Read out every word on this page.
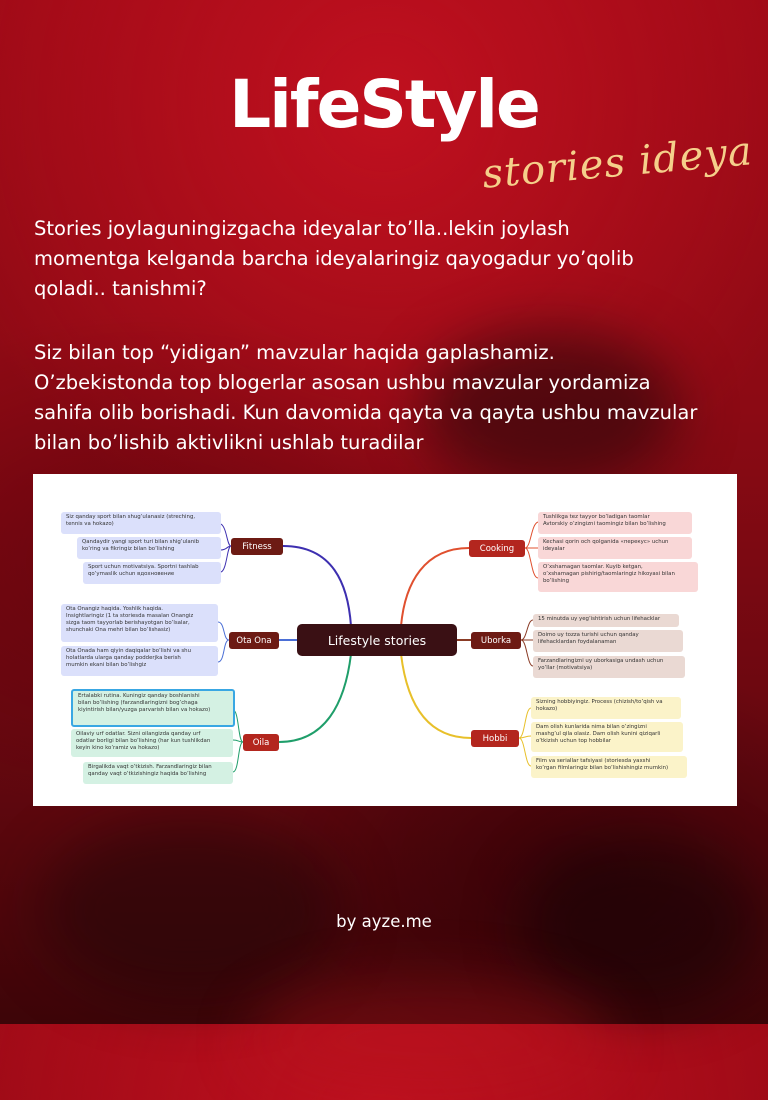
LifeStyle
stories ideya
Stories joylaguningizgacha ideyalar to’lla..lekin joylash
momentga kelganda barcha ideyalaringiz qayogadur yo’qolib
qoladi.. tanishmi?
Siz bilan top “yidigan” mavzular haqida gaplashamiz.
O’zbekistonda top blogerlar asosan ushbu mavzular yordamiza
sahifa olib borishadi. Kun davomida qayta va qayta ushbu mavzular
bilan bo’lishib aktivlikni ushlab turadilar
Lifestyle stories
Fitness
Ota Ona
Oila
Cooking
Uborka
Hobbi
Siz qanday sport bilan shug’ulanasiz (streching,
tennis va hokazo)
Qandaydir yangi sport turi bilan shig’ulanib
ko’ring va fikringiz bilan bo’lishing
Sport uchun motivatsiya. Sportni tashlab
qo’ymaslik uchun вдохновение
Ota Onangiz haqida. Yoshlik haqida.
Insightlaringiz (1 ta storiesda masalan Onangiz
sizga taom tayyorlab berishayotgan bo’lsalar,
shunchaki Ona mehri bilan bo’lishasiz)
Ota Onada ham qiyin daqiqalar bo’lishi va shu
holatlarda ularga qanday podderjka berish
mumkin ekani bilan bo’lishgiz
Ertalabki rutina. Kuningiz qanday boshlanishi
bilan bo’lishing (farzandlaringizni bog’chaga
kiyintirish bilan/yuzga parvarish bilan va hokazo)
Oilaviy urf odatlar. Sizni oilangizda qanday urf
odatlar borligi bilan bo’lishing (har kun tushlikdan
keyin kino ko’ramiz va hokazo)
Birgalikda vaqt o’tkizish. Farzandlaringiz bilan
qanday vaqt o’tkizishingiz haqida bo’lishing
Tushlikga tez tayyor bo’ladigan taomlar
Avtorskiy o’zingizni taomingiz bilan bo’lishing
Kechasi qorin och qolganida «перекус» uchun
ideyalar
O’xshamagan taomlar. Kuyib ketgan,
o’xshamagan pishirig/taomlaringiz hikoyasi bilan
bo’lishing
15 minutda uy yeg’ishtirish uchun lifehacklar
Doimo uy tozza turishi uchun qanday
lifehacklardan foydalanaman
Farzandlaringizni uy uborkasiga undash uchun
yo’llar (motivatsiya)
Sizning hobbiyingiz. Process (chizish/to’qish va
hokazo)
Dam olish kunlarida nima bilan o’zingizni
mashg’ul qila olasiz. Dam olish kunini qiziqarli
o’tkizish uchun top hobbilar
Film va seriallar tafsiyasi (storiesda yaxshi
ko’rgan filmlaringiz bilan bo’lishishingiz mumkin)
by ayze.me
